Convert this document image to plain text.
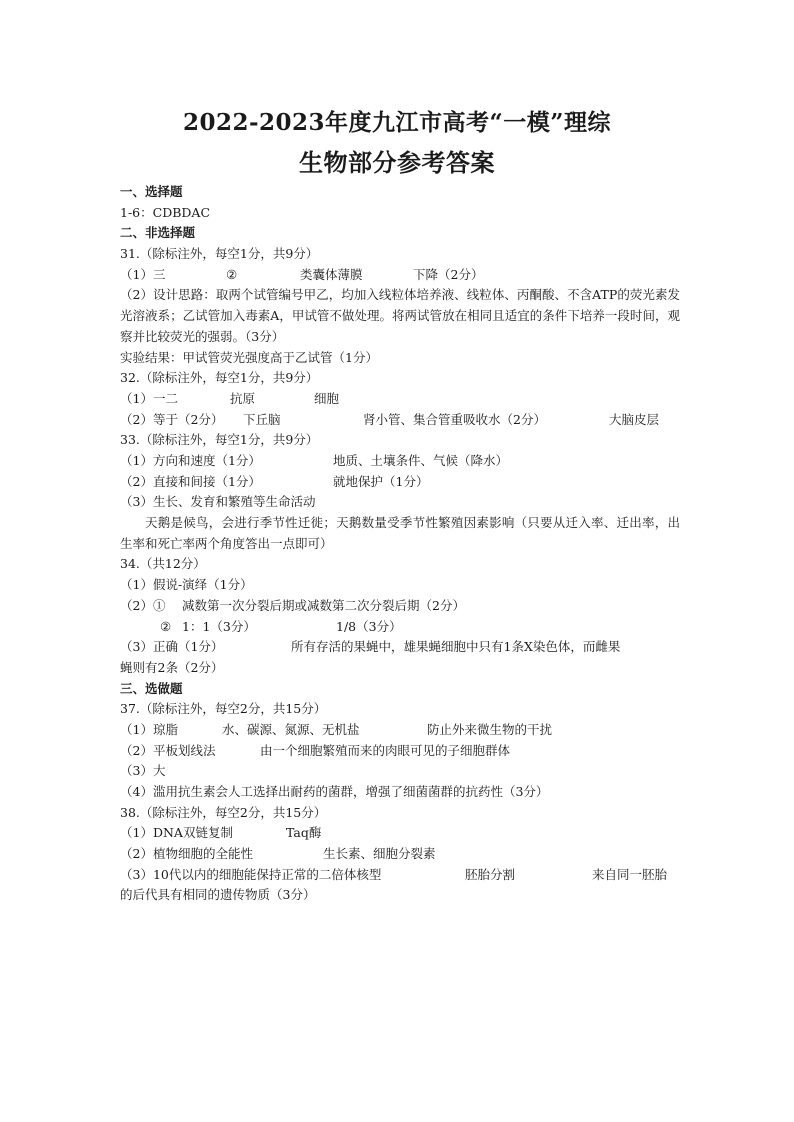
2022-2023年度九江市高考“一模”理综
生物部分参考答案
一、选择题
1-6：CDBDAC
二、非选择题
31.（除标注外，每空1分，共9分）
（1）三	②	类囊体薄膜	下降（2分）
（2）设计思路：取两个试管编号甲乙，均加入线粒体培养液、线粒体、丙酮酸、不含ATP的荧光素发光溶液系；乙试管加入毒素A，甲试管不做处理。将两试管放在相同且适宜的条件下培养一段时间，观察并比较荧光的强弱。（3分）
实验结果：甲试管荧光强度高于乙试管（1分）
32.（除标注外，每空1分，共9分）
（1）一二	抗原	细胞
（2）等于（2分） 下丘脑	肾小管、集合管重吸收水（2分）	大脑皮层
33.（除标注外，每空1分，共9分）
（1）方向和速度（1分）	地质、土壤条件、气候（降水）
（2）直接和间接（1分）	就地保护（1分）
（3）生长、发育和繁殖等生命活动
天鹅是候鸟，会进行季节性迁徙；天鹅数量受季节性繁殖因素影响（只要从迁入率、迁出率，出生率和死亡率两个角度答出一点即可）
34.（共12分）
（1）假说-演绎（1分）
（2）① 减数第一次分裂后期或减数第二次分裂后期（2分）
② 1：1（3分）	1/8（3分）
（3）正确（1分）	所有存活的果蝇中，雄果蝇细胞中只有1条X染色体，而雌果
蝇则有2条（2分）
三、选做题
37.（除标注外，每空2分，共15分）
（1）琼脂	水、碳源、氮源、无机盐	防止外来微生物的干扰
（2）平板划线法	由一个细胞繁殖而来的肉眼可见的子细胞群体
（3）大
（4）滥用抗生素会人工选择出耐药的菌群，增强了细菌菌群的抗药性（3分）
38.（除标注外，每空2分，共15分）
（1）DNA双链复制	Taq酶
（2）植物细胞的全能性	生长素、细胞分裂素
（3）10代以内的细胞能保持正常的二倍体核型	胚胎分割	来自同一胚胎
的后代具有相同的遗传物质（3分）
